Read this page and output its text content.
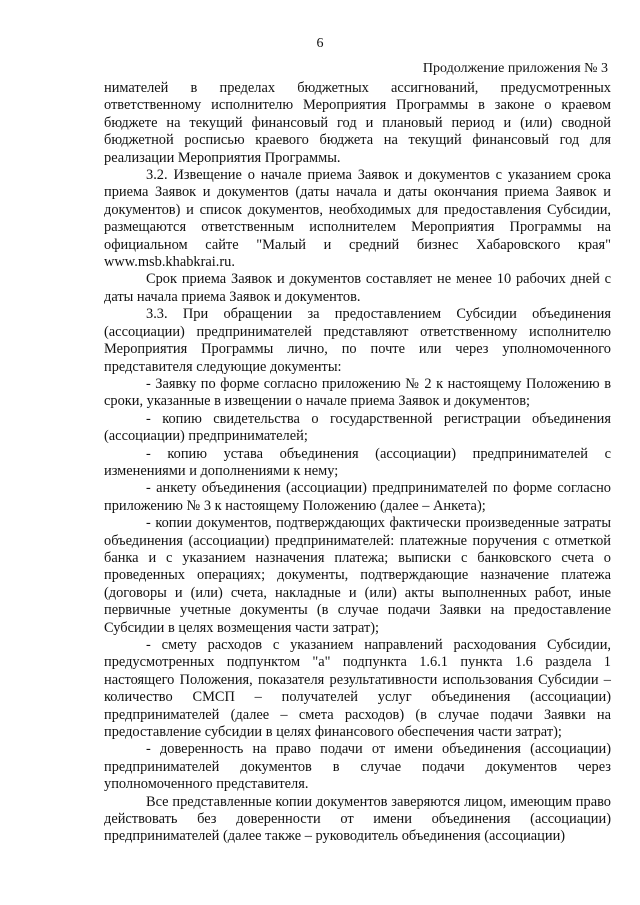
6
Продолжение приложения № 3

нимателей в пределах бюджетных ассигнований, предусмотренных ответственному исполнителю Мероприятия Программы в законе о краевом бюджете на текущий финансовый год и плановый период и (или) сводной бюджетной росписью краевого бюджета на текущий финансовый год для реализации Мероприятия Программы.

3.2. Извещение о начале приема Заявок и документов с указанием срока приема Заявок и документов (даты начала и даты окончания приема Заявок и документов) и список документов, необходимых для предоставления Субсидии, размещаются ответственным исполнителем Мероприятия Программы на официальном сайте "Малый и средний бизнес Хабаровского края" www.msb.khabkrai.ru.

Срок приема Заявок и документов составляет не менее 10 рабочих дней с даты начала приема Заявок и документов.

3.3. При обращении за предоставлением Субсидии объединения (ассоциации) предпринимателей представляют ответственному исполнителю Мероприятия Программы лично, по почте или через уполномоченного представителя следующие документы:

- Заявку по форме согласно приложению № 2 к настоящему Положению в сроки, указанные в извещении о начале приема Заявок и документов;

- копию свидетельства о государственной регистрации объединения (ассоциации) предпринимателей;

- копию устава объединения (ассоциации) предпринимателей с изменениями и дополнениями к нему;

- анкету объединения (ассоциации) предпринимателей по форме согласно приложению № 3 к настоящему Положению (далее – Анкета);

- копии документов, подтверждающих фактически произведенные затраты объединения (ассоциации) предпринимателей: платежные поручения с отметкой банка и с указанием назначения платежа; выписки с банковского счета о проведенных операциях; документы, подтверждающие назначение платежа (договоры и (или) счета, накладные и (или) акты выполненных работ, иные первичные учетные документы (в случае подачи Заявки на предоставление Субсидии в целях возмещения части затрат);

- смету расходов с указанием направлений расходования Субсидии, предусмотренных подпунктом "а" подпункта 1.6.1 пункта 1.6 раздела 1 настоящего Положения, показателя результативности использования Субсидии – количество СМСП – получателей услуг объединения (ассоциации) предпринимателей (далее – смета расходов) (в случае подачи Заявки на предоставление субсидии в целях финансового обеспечения части затрат);

- доверенность на право подачи от имени объединения (ассоциации) предпринимателей документов в случае подачи документов через уполномоченного представителя.

Все представленные копии документов заверяются лицом, имеющим право действовать без доверенности от имени объединения (ассоциации) предпринимателей (далее также – руководитель объединения (ассоциации)
